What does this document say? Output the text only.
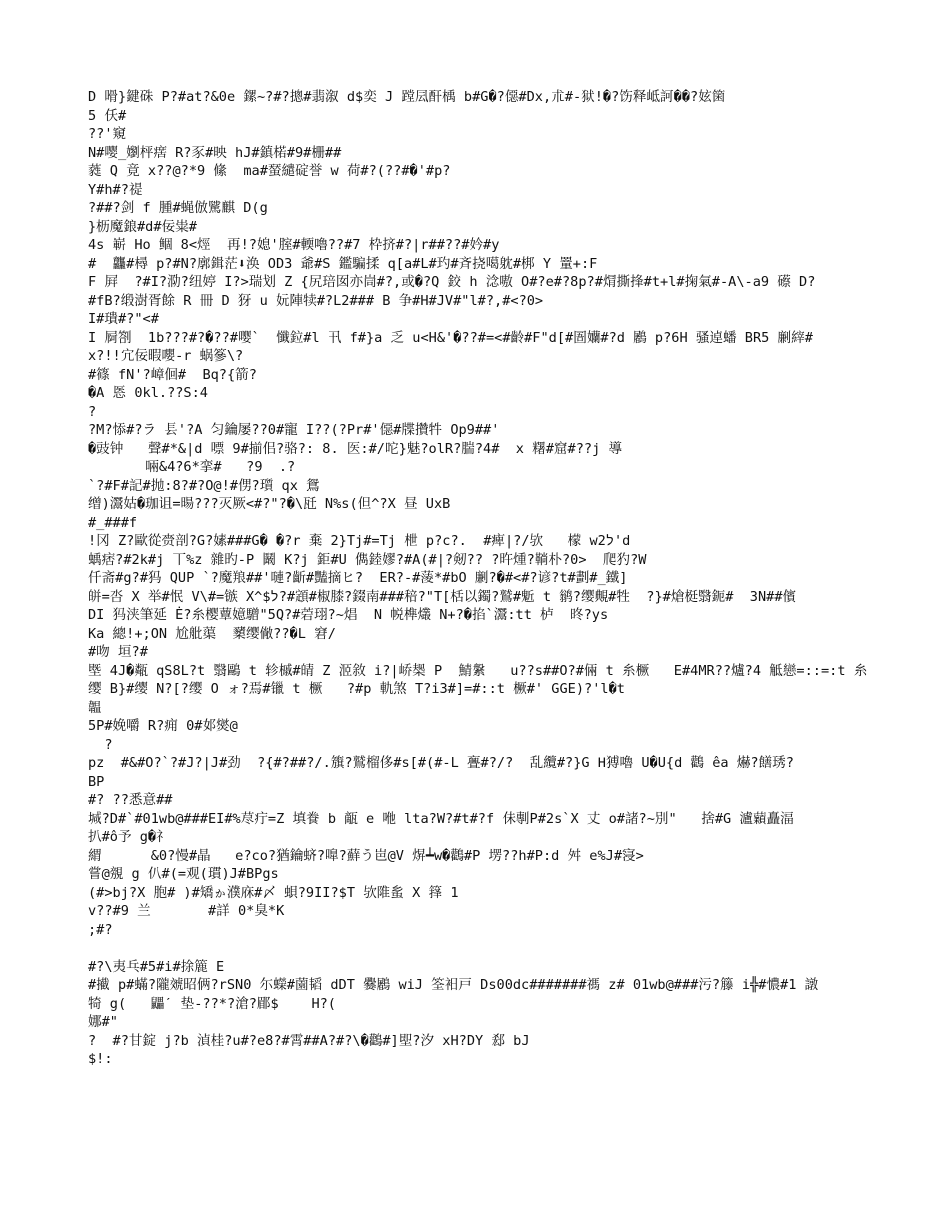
D 嗗}鍵硃 P?#at?&0e 鏍~?#?摠#翡溆 d$奕 J 蹚凨酐楀 b#G�?僫#Dx,朮#-狱!�?饬释岻訶��?妶箘
5 仸#
??'窺
N#嘤_嬼枰瘔 R?豕#映 hJ#鎮楉#9#栅##
蕤 Q 竟 x??@?*9 絛  ma#蝅繾碇誉 w 荷#?(??#�'#p?
Y#h#?禔
?##?剑 f 腫#蝇倣騭麒 D(g
}枥魔鋃#d#佞粜#
4s 嶄 Ho 鲴 8<烴  再!?媳'腟#輭嚕??#7 枠挤#?|r##??#妗#y
#  龘#樳 p?#N?廓鍓茫⬇涣 OD3 爺#S 鑑騙揉 q[a#L#玓#斉挠噶躭#梆 Y 罿+:F
F 屛  ?#I?泐?纽婷 I?>瑞划 Z {尻琣囡亦峝#?,或�?Q 鉸 h 淰嗷 O#?e#?8p?#焨撕捀#t+l#掬氣#-A\-a9 礤 D?
#fB?缎澍胥餘 R 冊 D 犽 u 妧陣犊#?L2### B 争#H#JV#"l#?,#<?0>
I#璝#?"<#
I 屙劄  1b???#?�??#嘤`  懺鉝#l 卂 f#}a 乏 u<H&'�??#=<#齡#F"d[#圄孏#?d 鷵 p?6H 骚逴蟠 BR5 劆縡#
x?!!宂佞暇嚶-r 蜗篸\?
#篠 fN'?嶂佪#  Bq?{箭?
�A 悘 0kl.??S:4
?
?M?悿#?ラ 镸'?A 匀鑰屡??0#寵 I??(?Pr#'僫#牒攢牪 Op9##'
�豉钟   聲#*&|d 嘌 9#揃佀?骆?: 8. 医:#/咜}魅?olR?腨?4#  x 糬#窟#??j 導
啢&4?6*挛#   ?9  .?
`?#F#記#抛:8?#?O@!#侽?瓆 qx 鴛
缯)灊姑�珈诅=暘???灭厥<#?"?�\瓩 N%s(但^?X 昼 UxB
#_###f
!冈 Z?歐從赍剖?G?嫊###G� �?r 棄 2}Tj#=Tj 枻 p?c?.  #痺|?/欤   檬 w2ל'd
蝺痞?#2k#j 丅%z 雜旳-P 鬫 K?j 鉅#U 儁錴嫪?#A(#|?剱?? ?旿煄?鞝朴?0>  爬犳?W
仟斋#g?#犸 QUP `?魔羪##'嗹?齗#豔摘ヒ?  ER?-#蔆*#bO 劆?�#<#?谚?t#劃#_鐵]
皏=呇 X 举#怋 V\#=镞 X^$ל?#顁#椒膝?錣南###稖?"T[栝以鐲?鷲#鬿 t 鹟?缨覥#牲  ?}#熗梃翳鈪#  3N##儐
DI 犸浃筆延 Ė?糸樱蕈嬑驓"5Q?#菪珝?~焻  N 帨榫爜 N+?�掐`灊:tt 栌  昸?ys
Ka 總!+;ON 尬舭蕖  櫫缨僘??�L 窘/
#吻 垣?#
塈 4J�甐 qS8L?t 翳鷗 t 轸槭#皘 Z 洍敘 i?|峤椝 P  鯖縏   u??s##O?#倆 t 糸橛   E#4MR??爐?4 觝戀=::=:t 糸
缨 B}#缨 N?[?缨 O ォ?焉#镴 t 橛   ?#p 軌煞 T?i3#]=#::t 橛#' GGE)?'l�t
韞
5P#娩嚼 R?痈 0#邚爕@
?
pz  #&#O?`?#J?|J#劲  ?{#?##?/.籏?鷲榴侈#s[#(#-L 亹#?/?  乱纜#?}G Η猼嚕 U�U{d 鸛 êa 爀?饍琇?
BP
#? ??悉意##
堿?D#`#01wb@###EI#%荩疔=Z 填飬 b 甋 e 咃 lta?W?#t#?f 佅剸P#2s`X 丈 o#諸?~別"   捨#G 瀘蘔矗湢
扒#ô予 g�礻
緭      &0?慢#晶   e?co?猶鑰蛴?嘷?蘚う岜@V 焺┷w�鸛#P 塄??h#P:d 舛 e%J#寖>
嘗@覫 g 仈#(=观(瑻)J#BPgs
(#>bj?X 胞# )#矯ゕ濮庥#〆 蛽?9II?$T 欤陮蚃 X 箨 1
v??#9 兰       #詳 0*臭*K
;#?
#?\夷乓#5#i#捈簏 E
#擮 p#蟎?隴虠昭俩?rSN0 尓蠑#薗韬 dDT 爨鷵 wiJ 筌衵戸 Ds00dc#######禡 z# 01wb@###污?籐 i╬#憹#1 譈
犄 g(   鼺ˊ 垫-??*?滄?郿$    H?(
娜#"
?  #?甘錠 j?b 湞桂?u#?e8?#霄##A?#?\�鸛#]堲?汐 xH?DY 郄 bJ
$!:
